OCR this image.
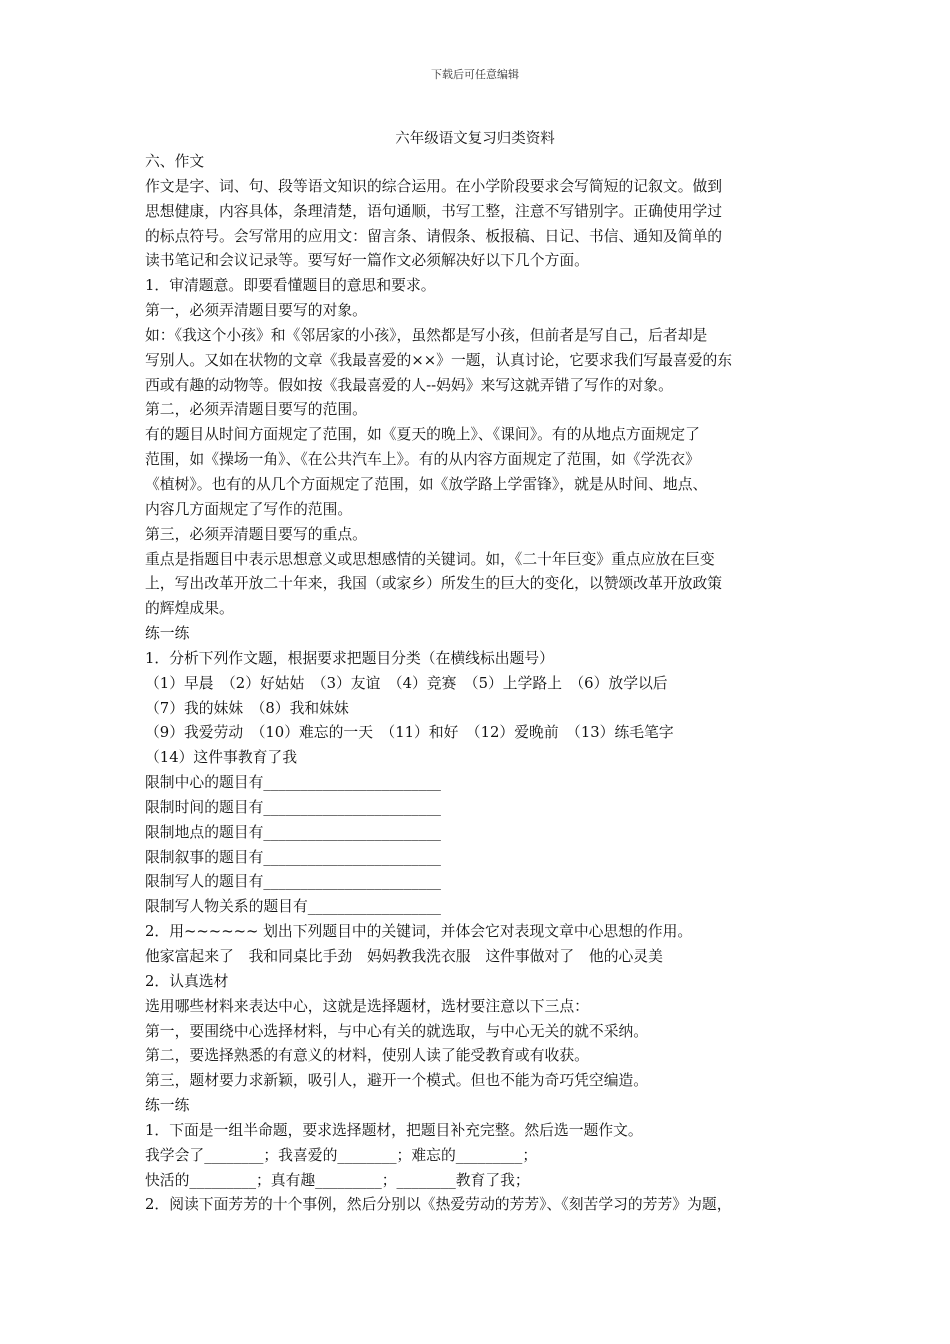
下载后可任意编辑
六年级语文复习归类资料
六、作文
作文是字、词、句、段等语文知识的综合运用。在小学阶段要求会写简短的记叙文。做到
思想健康，内容具体，条理清楚，语句通顺，书写工整，注意不写错别字。正确使用学过
的标点符号。会写常用的应用文：留言条、请假条、板报稿、日记、书信、通知及简单的
读书笔记和会议记录等。要写好一篇作文必须解决好以下几个方面。
1．审清题意。即要看懂题目的意思和要求。
第一，必须弄清题目要写的对象。
如：《我这个小孩》和《邻居家的小孩》，虽然都是写小孩，但前者是写自己，后者却是
写别人。又如在状物的文章《我最喜爱的××》一题，认真讨论，它要求我们写最喜爱的东
西或有趣的动物等。假如按《我最喜爱的人--妈妈》来写这就弄错了写作的对象。
第二，必须弄清题目要写的范围。
有的题目从时间方面规定了范围，如《夏天的晚上》、《课间》。有的从地点方面规定了
范围，如《操场一角》、《在公共汽车上》。有的从内容方面规定了范围，如《学洗衣》
《植树》。也有的从几个方面规定了范围，如《放学路上学雷锋》，就是从时间、地点、
内容几方面规定了写作的范围。
第三，必须弄清题目要写的重点。
重点是指题目中表示思想意义或思想感情的关键词。如，《二十年巨变》重点应放在巨变
上，写出改革开放二十年来，我国（或家乡）所发生的巨大的变化，以赞颂改革开放政策
的辉煌成果。
练一练
1．分析下列作文题，根据要求把题目分类（在横线标出题号）
（1）早晨　（2）好姑姑　（3）友谊　（4）竞赛　（5）上学路上　（6）放学以后
（7）我的妹妹　（8）我和妹妹
（9）我爱劳动　（10）难忘的一天　（11）和好　（12）爱晚前　（13）练毛笔字
（14）这件事教育了我
限制中心的题目有________________________
限制时间的题目有________________________
限制地点的题目有________________________
限制叙事的题目有________________________
限制写人的题目有________________________
限制写人物关系的题目有__________________
2．用~~~~~~ 划出下列题目中的关键词，并体会它对表现文章中心思想的作用。
他家富起来了　我和同桌比手劲　妈妈教我洗衣服　这件事做对了　他的心灵美
2．认真选材
选用哪些材料来表达中心，这就是选择题材，选材要注意以下三点：
第一，要围绕中心选择材料，与中心有关的就选取，与中心无关的就不采纳。
第二，要选择熟悉的有意义的材料，使别人读了能受教育或有收获。
第三，题材要力求新颖，吸引人，避开一个模式。但也不能为奇巧凭空编造。
练一练
1．下面是一组半命题，要求选择题材，把题目补充完整。然后选一题作文。
我学会了________；我喜爱的________；难忘的_________；
快活的_________；真有趣_________；________教育了我；
2．阅读下面芳芳的十个事例，然后分别以《热爱劳动的芳芳》、《刻苦学习的芳芳》为题，
